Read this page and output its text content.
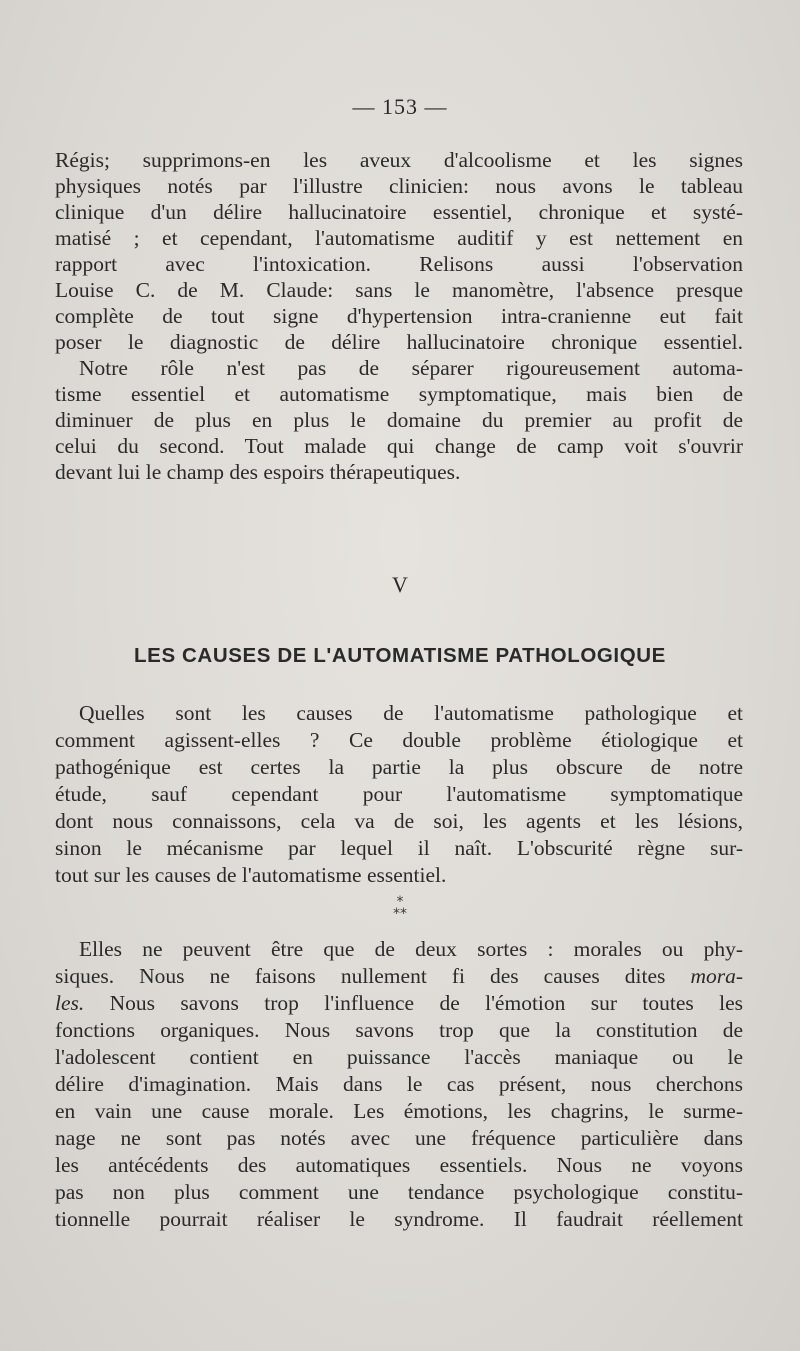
— 153 —
Régis; supprimons-en les aveux d'alcoolisme et les signes
physiques notés par l'illustre clinicien: nous avons le tableau
clinique d'un délire hallucinatoire essentiel, chronique et systé-
matisé ; et cependant, l'automatisme auditif y est nettement en
rapport avec l'intoxication. Relisons aussi l'observation
Louise C. de M. Claude: sans le manomètre, l'absence presque
complète de tout signe d'hypertension intra-cranienne eut fait
poser le diagnostic de délire hallucinatoire chronique essentiel.
Notre rôle n'est pas de séparer rigoureusement automa-
tisme essentiel et automatisme symptomatique, mais bien de
diminuer de plus en plus le domaine du premier au profit de
celui du second. Tout malade qui change de camp voit s'ouvrir
devant lui le champ des espoirs thérapeutiques.
V
LES CAUSES DE L'AUTOMATISME PATHOLOGIQUE
Quelles sont les causes de l'automatisme pathologique et
comment agissent-elles ? Ce double problème étiologique et
pathogénique est certes la partie la plus obscure de notre
étude, sauf cependant pour l'automatisme symptomatique
dont nous connaissons, cela va de soi, les agents et les lésions,
sinon le mécanisme par lequel il naît. L'obscurité règne sur-
tout sur les causes de l'automatisme essentiel.
*
**
Elles ne peuvent être que de deux sortes : morales ou phy-
siques. Nous ne faisons nullement fi des causes dites mora-
les. Nous savons trop l'influence de l'émotion sur toutes les
fonctions organiques. Nous savons trop que la constitution de
l'adolescent contient en puissance l'accès maniaque ou le
délire d'imagination. Mais dans le cas présent, nous cherchons
en vain une cause morale. Les émotions, les chagrins, le surme-
nage ne sont pas notés avec une fréquence particulière dans
les antécédents des automatiques essentiels. Nous ne voyons
pas non plus comment une tendance psychologique constitu-
tionnelle pourrait réaliser le syndrome. Il faudrait réellement
